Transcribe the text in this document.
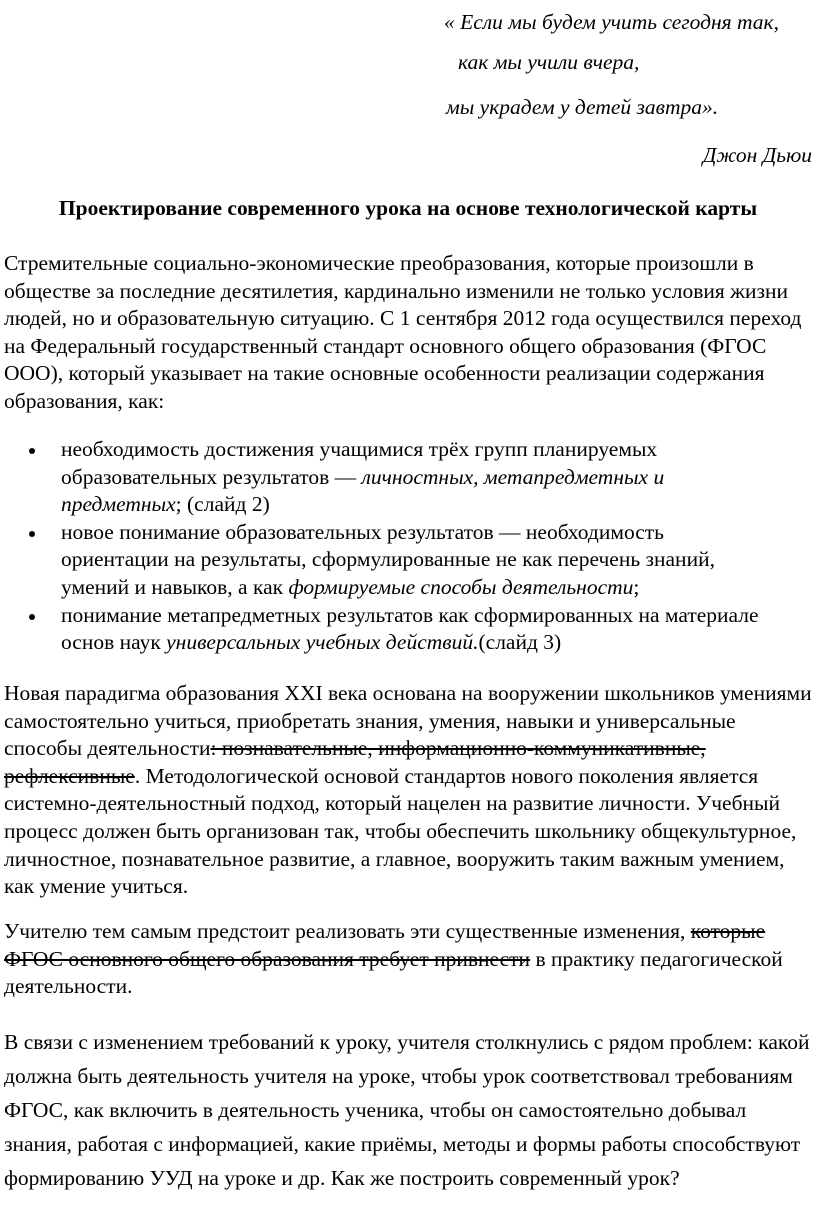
« Если мы будем учить сегодня так,
как мы учили вчера,
мы украдем у детей завтра».
Джон Дьюи
Проектирование современного урока на основе технологической карты
Стремительные социально-экономические преобразования, которые произошли в обществе за последние десятилетия, кардинально изменили не только условия жизни людей, но и образовательную ситуацию. С 1 сентября 2012 года осуществился переход на Федеральный государственный стандарт основного общего образования (ФГОС ООО), который указывает на такие основные особенности реализации содержания образования, как:
необходимость достижения учащимися трёх групп планируемых образовательных результатов — личностных, метапредметных и предметных; (слайд 2)
новое понимание образовательных результатов — необходимость ориентации на результаты, сформулированные не как перечень знаний, умений и навыков, а как формируемые способы деятельности;
понимание метапредметных результатов как сформированных на материале основ наук универсальных учебных действий.(слайд 3)
Новая парадигма образования XXI века основана на вооружении школьников умениями самостоятельно учиться, приобретать знания, умения, навыки и универсальные способы деятельности: познавательные, информационно-коммуникативные, рефлексивные. Методологической основой стандартов нового поколения является системно-деятельностный подход, который нацелен на развитие личности. Учебный процесс должен быть организован так, чтобы обеспечить школьнику общекультурное, личностное, познавательное развитие, а главное, вооружить таким важным умением, как умение учиться.
Учителю тем самым предстоит реализовать эти существенные изменения, которые ФГОС основного общего образования требует привнести в практику педагогической деятельности.
В связи с изменением требований к уроку, учителя столкнулись с рядом проблем: какой должна быть деятельность учителя на уроке, чтобы урок соответствовал требованиям ФГОС, как включить в деятельность ученика, чтобы он самостоятельно добывал знания, работая с информацией, какие приёмы, методы и формы работы способствуют формированию УУД на уроке и др. Как же построить современный урок?
